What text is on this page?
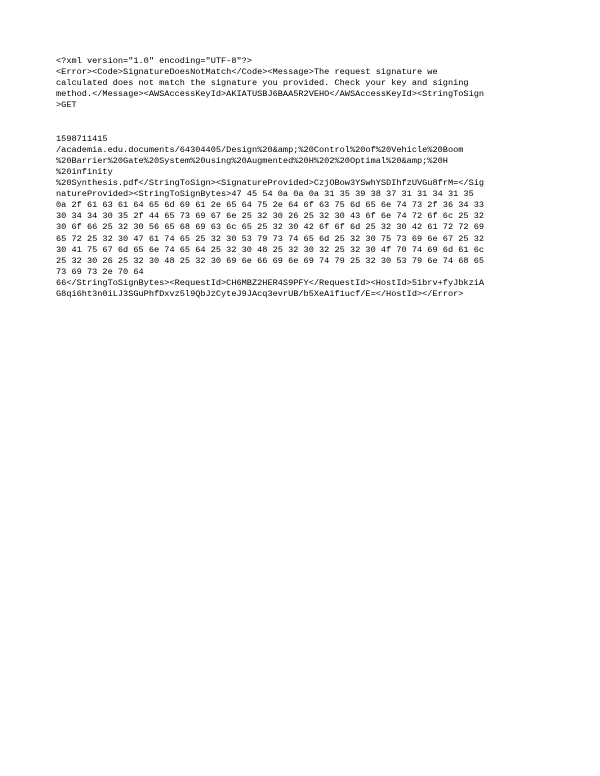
<?xml version="1.0" encoding="UTF-8"?>
<Error><Code>SignatureDoesNotMatch</Code><Message>The request signature we
calculated does not match the signature you provided. Check your key and signing
method.</Message><AWSAccessKeyId>AKIATUSBJ6BAA5R2VEHO</AWSAccessKeyId><StringToSign
>GET
1598711415
/academia.edu.documents/64304405/Design%20&amp;%20Control%20of%20Vehicle%20Boom
%20Barrier%20Gate%20System%20using%20Augmented%20H%202%20Optimal%20&amp;%20H
%20infinity
%20Synthesis.pdf</StringToSign><SignatureProvided>CzjOBow3YSwhYSDIhfzUVGu8frM=</Sig
natureProvided><StringToSignBytes>47 45 54 0a 0a 0a 31 35 39 38 37 31 31 34 31 35
0a 2f 61 63 61 64 65 6d 69 61 2e 65 64 75 2e 64 6f 63 75 6d 65 6e 74 73 2f 36 34 33
30 34 34 30 35 2f 44 65 73 69 67 6e 25 32 30 26 25 32 30 43 6f 6e 74 72 6f 6c 25 32
30 6f 66 25 32 30 56 65 68 69 63 6c 65 25 32 30 42 6f 6f 6d 25 32 30 42 61 72 72 69
65 72 25 32 30 47 61 74 65 25 32 30 53 79 73 74 65 6d 25 32 30 75 73 69 6e 67 25 32
30 41 75 67 6d 65 6e 74 65 64 25 32 30 48 25 32 30 32 25 32 30 4f 70 74 69 6d 61 6c
25 32 30 26 25 32 30 48 25 32 30 69 6e 66 69 6e 69 74 79 25 32 30 53 79 6e 74 68 65
73 69 73 2e 70 64
66</StringToSignBytes><RequestId>CH6MBZ2HER4S9PFY</RequestId><HostId>51brv+fyJbkziA
G8qi6ht3n0iLJ3SGuPhfDxvz5l9QbJzCyteJ9JAcq3evrUB/b5XeAif1ucf/E=</HostId></Error>
